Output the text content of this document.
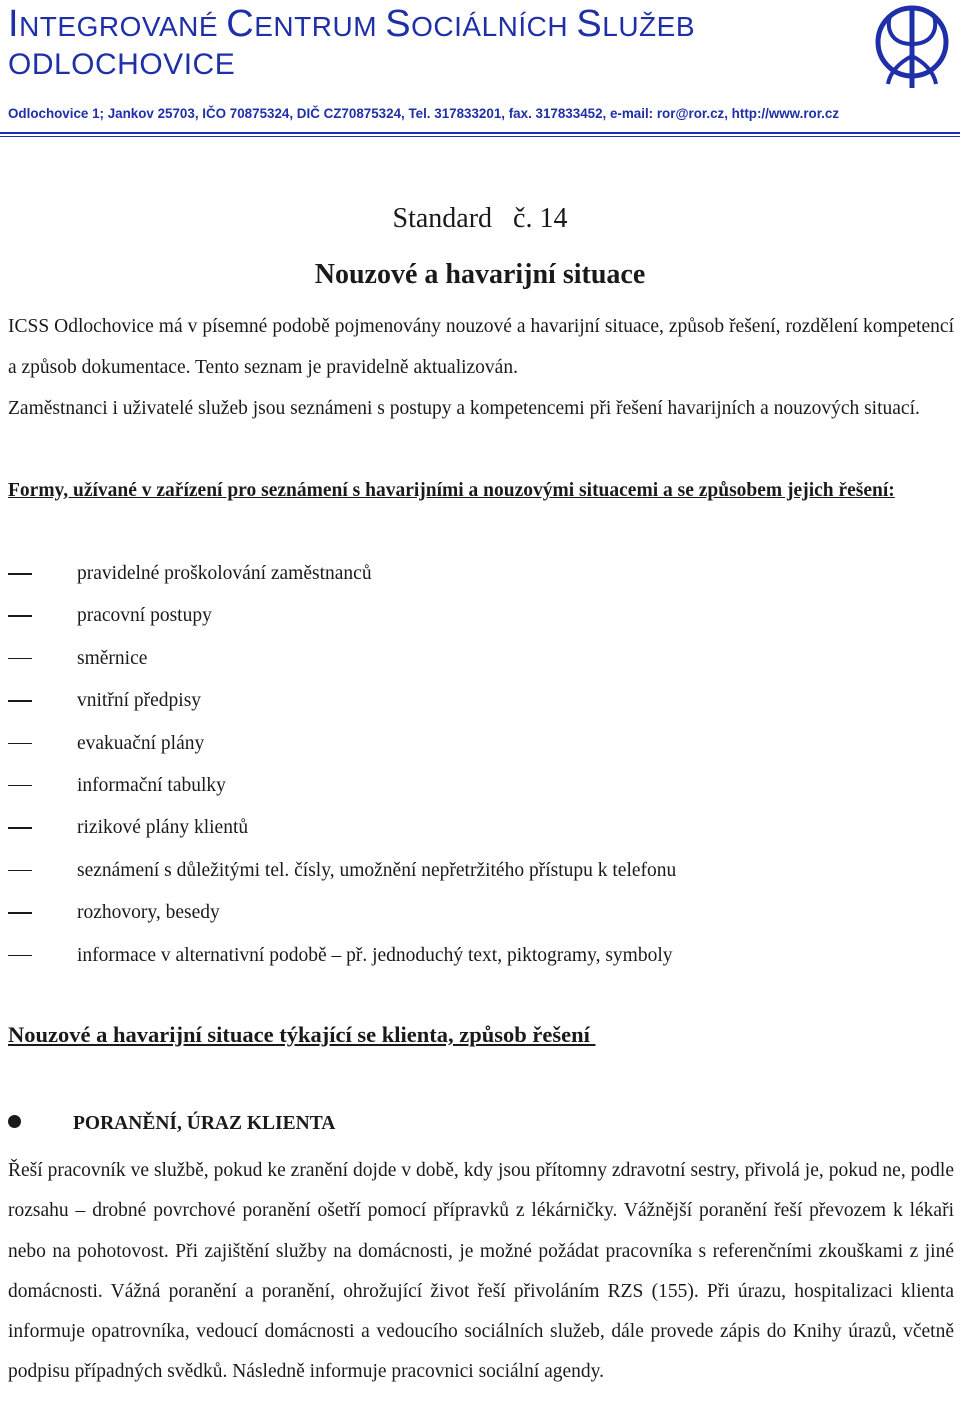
INTEGROVANÉ CENTRUM SOCIÁLNÍCH SLUŽEB
ODLOCHOVICE
Odlochovice 1; Jankov 25703, IČO 70875324, DIČ CZ70875324, Tel. 317833201, fax. 317833452, e-mail: ror@ror.cz, http://www.ror.cz
Standard   č. 14
Nouzové a havarijní situace
ICSS Odlochovice má v písemné podobě pojmenovány nouzové a havarijní situace, způsob řešení, rozdělení kompetencí a způsob dokumentace. Tento seznam je pravidelně aktualizován.
Zaměstnanci i uživatelé služeb jsou seznámeni s postupy a kompetencemi při řešení havarijních a nouzových situací.
Formy, užívané v zařízení pro seznámení s havarijními a nouzovými situacemi a se způsobem jejich řešení:
pravidelné proškolování zaměstnanců
pracovní postupy
směrnice
vnitřní předpisy
evakuační plány
informační tabulky
rizikové plány klientů
seznámení s důležitými tel. čísly, umožnění nepřetržitého přístupu k telefonu
rozhovory, besedy
informace v alternativní podobě – př. jednoduchý text, piktogramy, symboly
Nouzové a havarijní situace týkající se klienta, způsob řešení
PORANĚNÍ, ÚRAZ KLIENTA
Řeší pracovník ve službě, pokud ke zranění dojde v době, kdy jsou přítomny zdravotní sestry, přivolá je, pokud ne, podle rozsahu – drobné povrchové poranění ošetří pomocí přípravků z lékárničky. Vážnější poranění řeší převozem k lékaři nebo na pohotovost. Při zajištění služby na domácnosti, je možné požádat pracovníka s referenčními zkouškami z jiné domácnosti. Vážná poranění a poranění, ohrožující život řeší přivoláním RZS (155). Při úrazu, hospitalizaci klienta informuje opatrovníka, vedoucí domácnosti a vedoucího sociálních služeb, dále provede zápis do Knihy úrazů, včetně podpisu případných svědků. Následně informuje pracovnici sociální agendy.
